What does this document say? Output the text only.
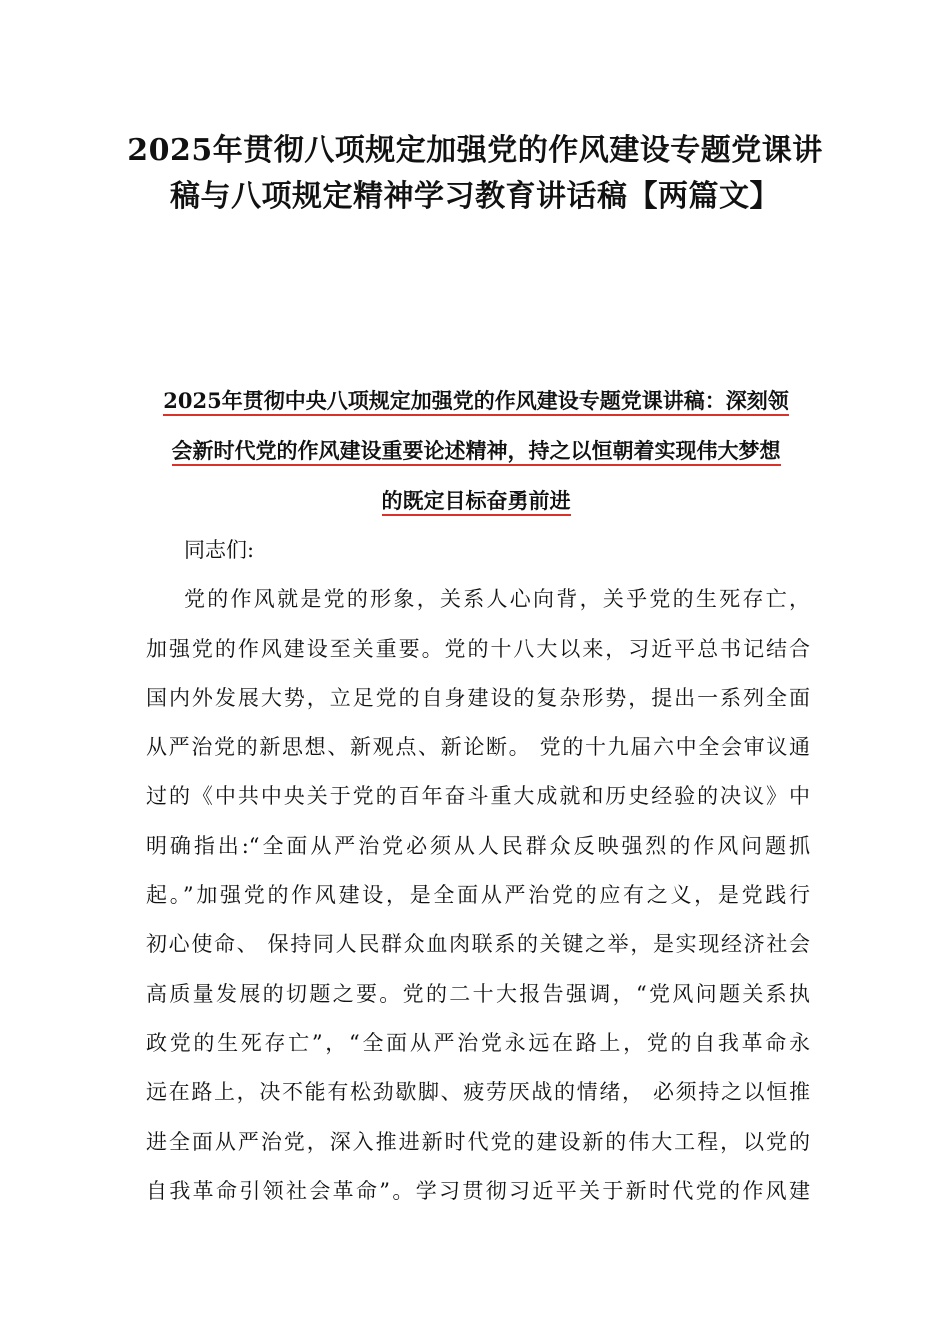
2025年贯彻八项规定加强党的作风建设专题党课讲
稿与八项规定精神学习教育讲话稿【两篇文】
2025年贯彻中央八项规定加强党的作风建设专题党课讲稿：深刻领
会新时代党的作风建设重要论述精神，持之以恒朝着实现伟大梦想
的既定目标奋勇前进
同志们:
党的作风就是党的形象，关系人心向背，关乎党的生死存亡，
加强党的作风建设至关重要。党的十八大以来，习近平总书记结合
国内外发展大势，立足党的自身建设的复杂形势，提出一系列全面
从严治党的新思想、新观点、新论断。 党的十九届六中全会审议通
过的《中共中央关于党的百年奋斗重大成就和历史经验的决议》中
明确指出:“全面从严治党必须从人民群众反映强烈的作风问题抓
起。”加强党的作风建设，是全面从严治党的应有之义，是党践行
初心使命、 保持同人民群众血肉联系的关键之举，是实现经济社会
高质量发展的切题之要。党的二十大报告强调，“党风问题关系执
政党的生死存亡”，“全面从严治党永远在路上，党的自我革命永
远在路上，决不能有松劲歇脚、疲劳厌战的情绪， 必须持之以恒推
进全面从严治党，深入推进新时代党的建设新的伟大工程，以党的
自我革命引领社会革命”。学习贯彻习近平关于新时代党的作风建
